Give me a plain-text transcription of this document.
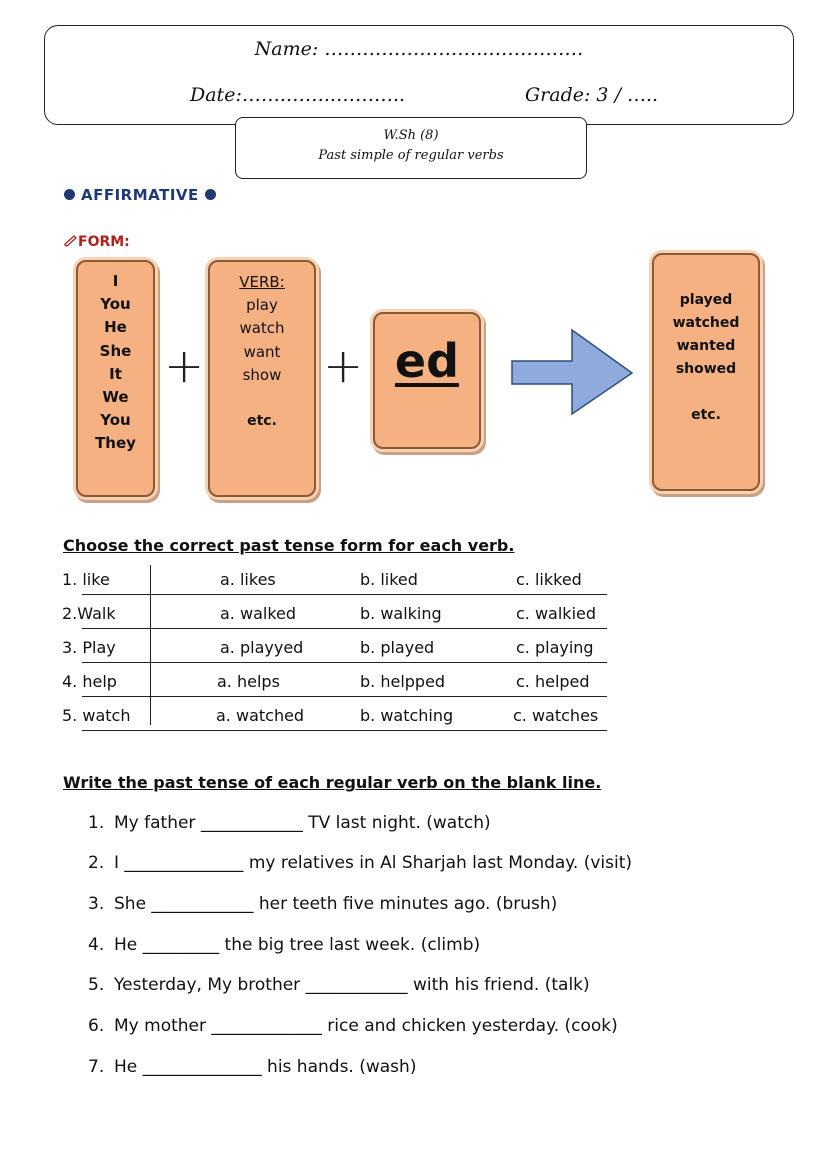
Name: ……………………..……………
Date:…….……..………..	Grade: 3 / …..
W.Sh (8)
Past simple of regular verbs
AFFIRMATIVE
FORM:
I
You
He
She
It
We
You
They
+
VERB:
play
watch
want
show
etc.
+ ed
played
watched
wanted
showed
etc.
Choose the correct past tense form for each verb.
1. like	a. likes	b. liked	c. likked
2.Walk	a. walked	b. walking	c. walkied
3. Play	a. playyed	b. played	c. playing
4. help	a. helps	b. helpped	c. helped
5. watch	a. watched	b. watching	c. watches
Write the past tense of each regular verb on the blank line.
1. My father ____________ TV last night. (watch)
2. I ______________ my relatives in Al Sharjah last Monday. (visit)
3. She ____________ her teeth five minutes ago. (brush)
4. He _________ the big tree last week. (climb)
5. Yesterday, My brother ____________ with his friend. (talk)
6. My mother _____________ rice and chicken yesterday. (cook)
7. He ______________ his hands. (wash)
